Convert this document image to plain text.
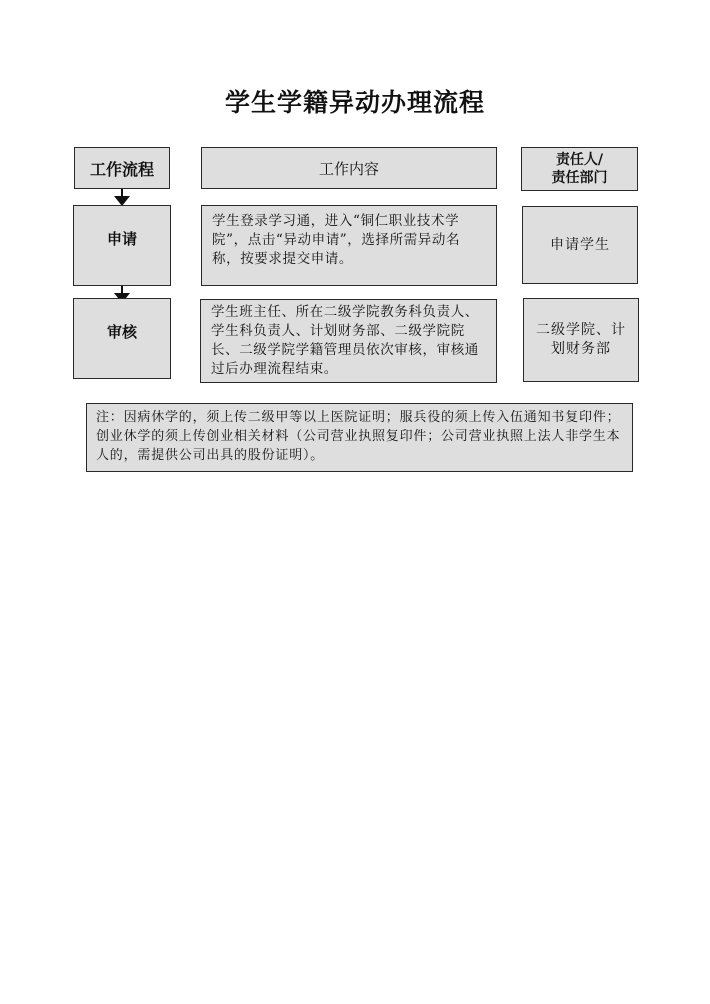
学生学籍异动办理流程
工作流程	工作内容	责任人/
责任部门
申请
学生登录学习通，进入“铜仁职业技术学院”，点击“异动申请”，选择所需异动名称，按要求提交申请。
申请学生
审核
学生班主任、所在二级学院教务科负责人、学生科负责人、计划财务部、二级学院院长、二级学院学籍管理员依次审核，审核通过后办理流程结束。
二级学院、计划财务部
注：因病休学的，须上传二级甲等以上医院证明；服兵役的须上传入伍通知书复印件；创业休学的须上传创业相关材料（公司营业执照复印件；公司营业执照上法人非学生本人的，需提供公司出具的股份证明）。
